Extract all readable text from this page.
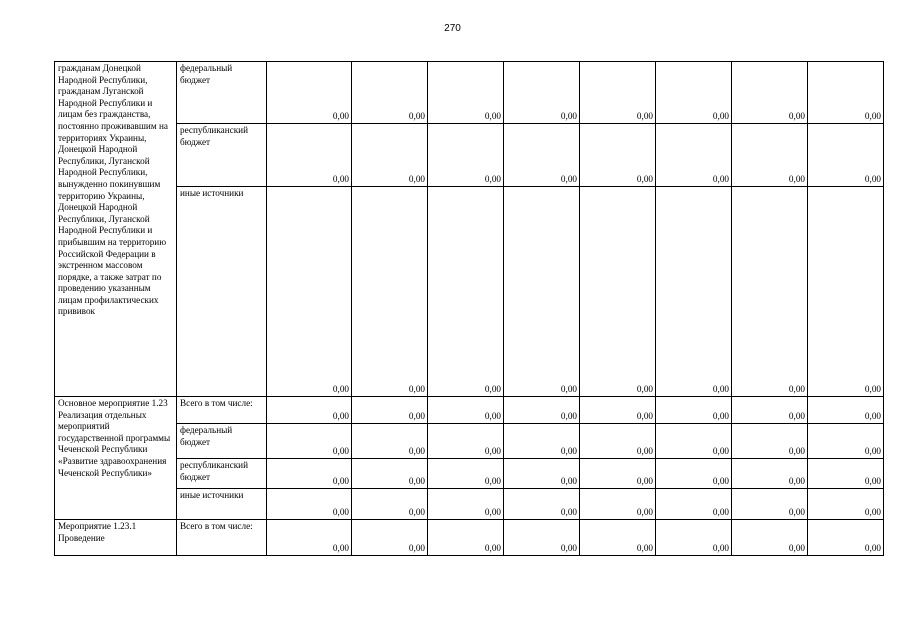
270
гражданам Донецкой Народной Республики, гражданам Луганской Народной Республики и лицам без гражданства, постоянно проживавшим на территориях Украины, Донецкой Народной Республики, Луганской Народной Республики, вынужденно покинувшим территорию Украины, Донецкой Народной Республики, Луганской Народной Республики и прибывшим на территорию Российской Федерации в экстренном массовом порядке, а также затрат по проведению указанным лицам профилактических прививок	федеральный бюджет	0,00	0,00	0,00	0,00	0,00	0,00	0,00	0,00
	республиканский бюджет	0,00	0,00	0,00	0,00	0,00	0,00	0,00	0,00
	иные источники	0,00	0,00	0,00	0,00	0,00	0,00	0,00	0,00
Основное мероприятие 1.23 Реализация отдельных мероприятий государственной программы Чеченской Республики «Развитие здравоохранения Чеченской Республики»	Всего в том числе:	0,00	0,00	0,00	0,00	0,00	0,00	0,00	0,00
	федеральный бюджет	0,00	0,00	0,00	0,00	0,00	0,00	0,00	0,00
	республиканский бюджет	0,00	0,00	0,00	0,00	0,00	0,00	0,00	0,00
	иные источники	0,00	0,00	0,00	0,00	0,00	0,00	0,00	0,00
Мероприятие 1.23.1 Проведение	Всего в том числе:	0,00	0,00	0,00	0,00	0,00	0,00	0,00	0,00
